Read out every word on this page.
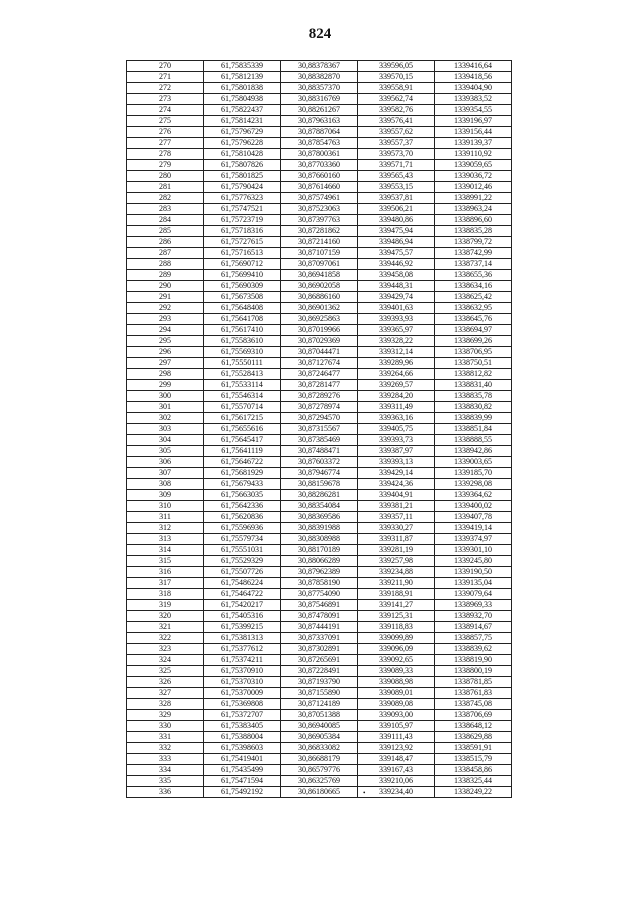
824
270	61,75835339	30,88378367	339596,05	1339416,64
271	61,75812139	30,88382870	339570,15	1339418,56
272	61,75801838	30,88357370	339558,91	1339404,90
273	61,75804938	30,88316769	339562,74	1339383,52
274	61,75822437	30,88261267	339582,76	1339354,55
275	61,75814231	30,87963163	339576,41	1339196,97
276	61,75796729	30,87887064	339557,62	1339156,44
277	61,75796228	30,87854763	339557,37	1339139,37
278	61,75810428	30,87800361	339573,70	1339110,92
279	61,75807826	30,87703360	339571,71	1339059,65
280	61,75801825	30,87660160	339565,43	1339036,72
281	61,75790424	30,87614660	339553,15	1339012,46
282	61,75776323	30,87574961	339537,81	1338991,22
283	61,75747521	30,87523063	339506,21	1338963,24
284	61,75723719	30,87397763	339480,86	1338896,60
285	61,75718316	30,87281862	339475,94	1338835,28
286	61,75727615	30,87214160	339486,94	1338799,72
287	61,75716513	30,87107159	339475,57	1338742,99
288	61,75690712	30,87097061	339446,92	1338737,14
289	61,75699410	30,86941858	339458,08	1338655,36
290	61,75690309	30,86902058	339448,31	1338634,16
291	61,75673508	30,86886160	339429,74	1338625,42
292	61,75648408	30,86901362	339401,63	1338632,95
293	61,75641708	30,86925863	339393,93	1338645,76
294	61,75617410	30,87019966	339365,97	1338694,97
295	61,75583610	30,87029369	339328,22	1338699,26
296	61,75569310	30,87044471	339312,14	1338706,95
297	61,75550111	30,87127674	339289,96	1338750,51
298	61,75528413	30,87246477	339264,66	1338812,82
299	61,75533114	30,87281477	339269,57	1338831,40
300	61,75546314	30,87289276	339284,20	1338835,78
301	61,75570714	30,87278974	339311,49	1338830,82
302	61,75617215	30,87294570	339363,16	1338839,99
303	61,75655616	30,87315567	339405,75	1338851,84
304	61,75645417	30,87385469	339393,73	1338888,55
305	61,75641119	30,87488471	339387,97	1338942,86
306	61,75646722	30,87603372	339393,13	1339003,65
307	61,75681929	30,87946774	339429,14	1339185,70
308	61,75679433	30,88159678	339424,36	1339298,08
309	61,75663035	30,88286281	339404,91	1339364,62
310	61,75642336	30,88354084	339381,21	1339400,02
311	61,75620836	30,88369586	339357,11	1339407,78
312	61,75596936	30,88391988	339330,27	1339419,14
313	61,75579734	30,88308988	339311,87	1339374,97
314	61,75551031	30,88170189	339281,19	1339301,10
315	61,75529329	30,88066289	339257,98	1339245,80
316	61,75507726	30,87962389	339234,88	1339190,50
317	61,75486224	30,87858190	339211,90	1339135,04
318	61,75464722	30,87754090	339188,91	1339079,64
319	61,75420217	30,87546891	339141,27	1338969,33
320	61,75405316	30,87478091	339125,31	1338932,70
321	61,75399215	30,87444191	339118,83	1338914,67
322	61,75381313	30,87337091	339099,89	1338857,75
323	61,75377612	30,87302891	339096,09	1338839,62
324	61,75374211	30,87265691	339092,65	1338819,90
325	61,75370910	30,87228491	339089,33	1338800,19
326	61,75370310	30,87193790	339088,98	1338781,85
327	61,75370009	30,87155890	339089,01	1338761,83
328	61,75369808	30,87124189	339089,08	1338745,08
329	61,75372707	30,87051388	339093,00	1338706,69
330	61,75383405	30,86940085	339105,97	1338648,12
331	61,75388004	30,86905384	339111,43	1338629,88
332	61,75398603	30,86833082	339123,92	1338591,91
333	61,75419401	30,86688179	339148,47	1338515,79
334	61,75435499	30,86579776	339167,43	1338458,86
335	61,75471594	30,86325769	339210,06	1338325,44
336	61,75492192	30,86180665	• 339234,40	1338249,22
